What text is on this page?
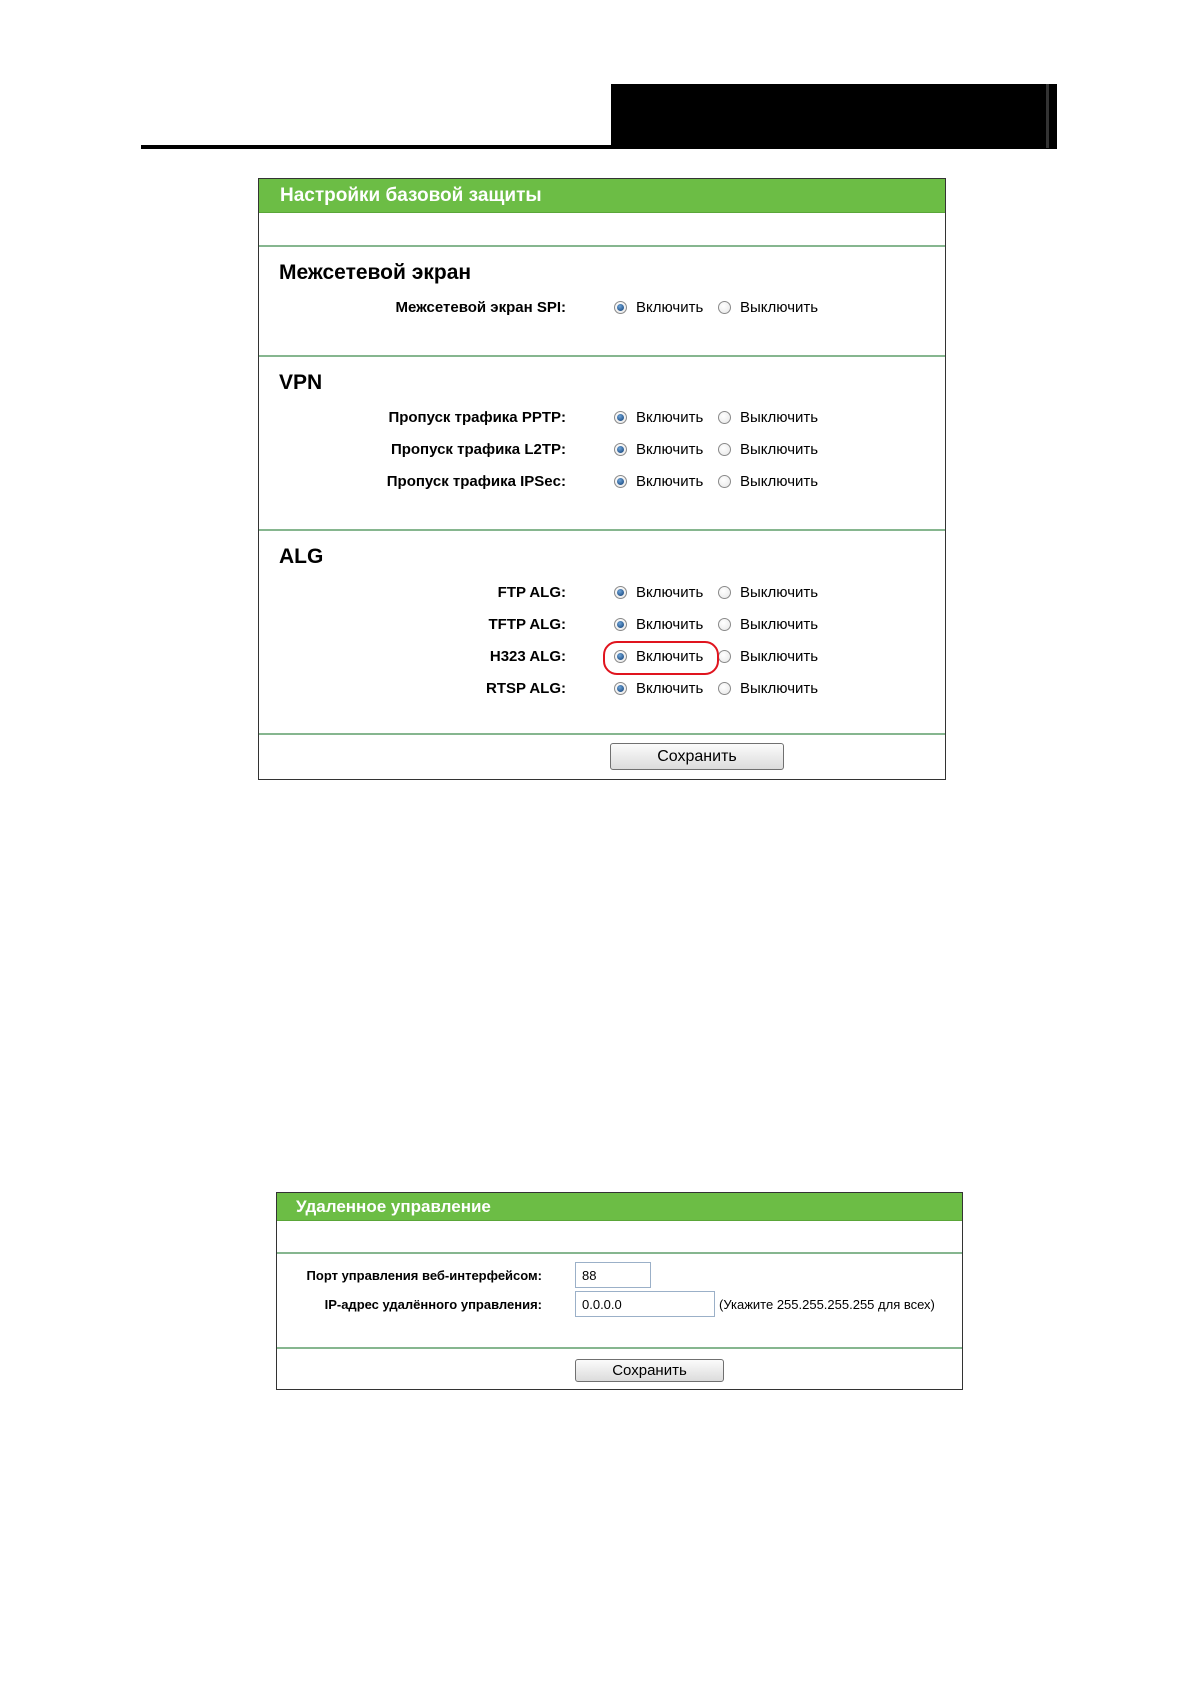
Настройки базовой защиты
Межсетевой экран
Межсетевой экран SPI:	Включить Выключить
VPN
Пропуск трафика PPTP:	Включить Выключить
Пропуск трафика L2TP:	Включить Выключить
Пропуск трафика IPSec:	Включить Выключить
ALG
FTP ALG:	Включить Выключить
TFTP ALG:	Включить Выключить
H323 ALG:	Включить Выключить
RTSP ALG:	Включить Выключить
Сохранить
Удаленное управление
Порт управления веб-интерфейсом:
88
IP-адрес удалённого управления:
0.0.0.0	(Укажите 255.255.255.255 для всех)
Сохранить
